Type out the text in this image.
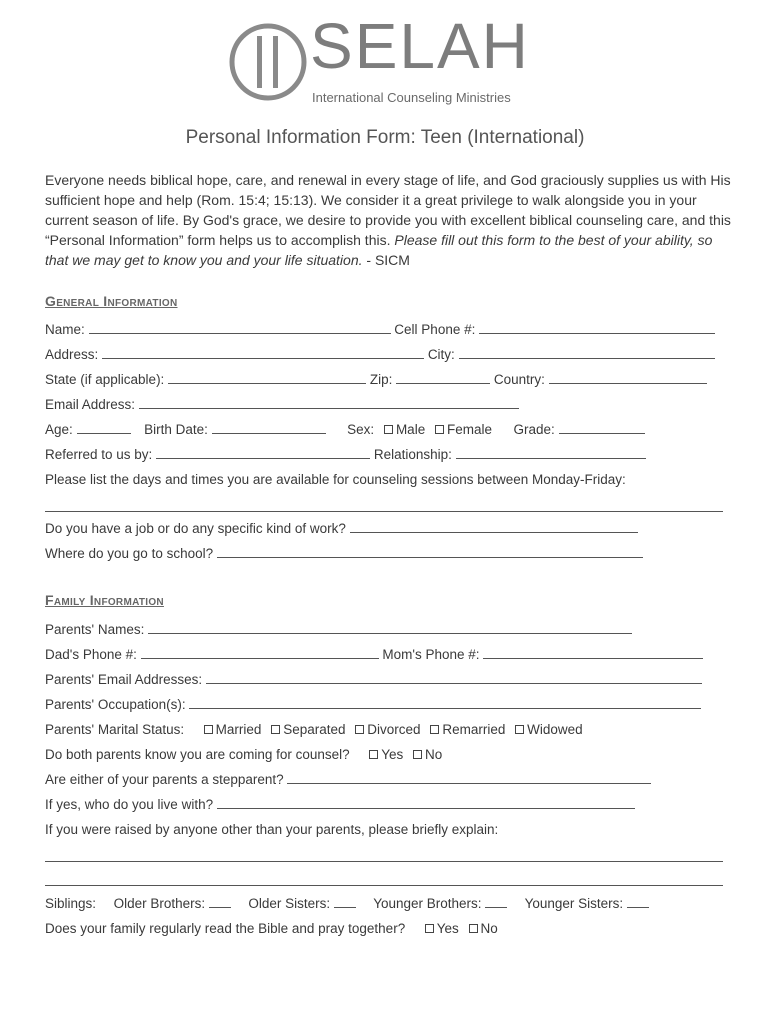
SELAH
International Counseling Ministries
Personal Information Form: Teen (International)
Everyone needs biblical hope, care, and renewal in every stage of life, and God graciously supplies us with His sufficient hope and help (Rom. 15:4; 15:13). We consider it a great privilege to walk alongside you in your current season of life. By God's grace, we desire to provide you with excellent biblical counseling care, and this “Personal Information” form helps us to accomplish this. Please fill out this form to the best of your ability, so that we may get to know you and your life situation. - SICM
General Information
Name:	Cell Phone #:
Address:	City:
State (if applicable):	Zip:	Country:
Email Address:
Age:	Birth Date:	Sex: Male Female Grade:
Referred to us by:	Relationship:
Please list the days and times you are available for counseling sessions between Monday-Friday:
Do you have a job or do any specific kind of work?
Where do you go to school?
Family Information
Parents' Names:
Dad's Phone #:	Mom's Phone #:
Parents' Email Addresses:
Parents' Occupation(s):
Parents' Marital Status: Married Separated Divorced Remarried Widowed
Do both parents know you are coming for counsel? Yes No
Are either of your parents a stepparent?
If yes, who do you live with?
If you were raised by anyone other than your parents, please briefly explain:
Siblings: Older Brothers:	Older Sisters:	Younger Brothers:	Younger Sisters:
Does your family regularly read the Bible and pray together? Yes No
